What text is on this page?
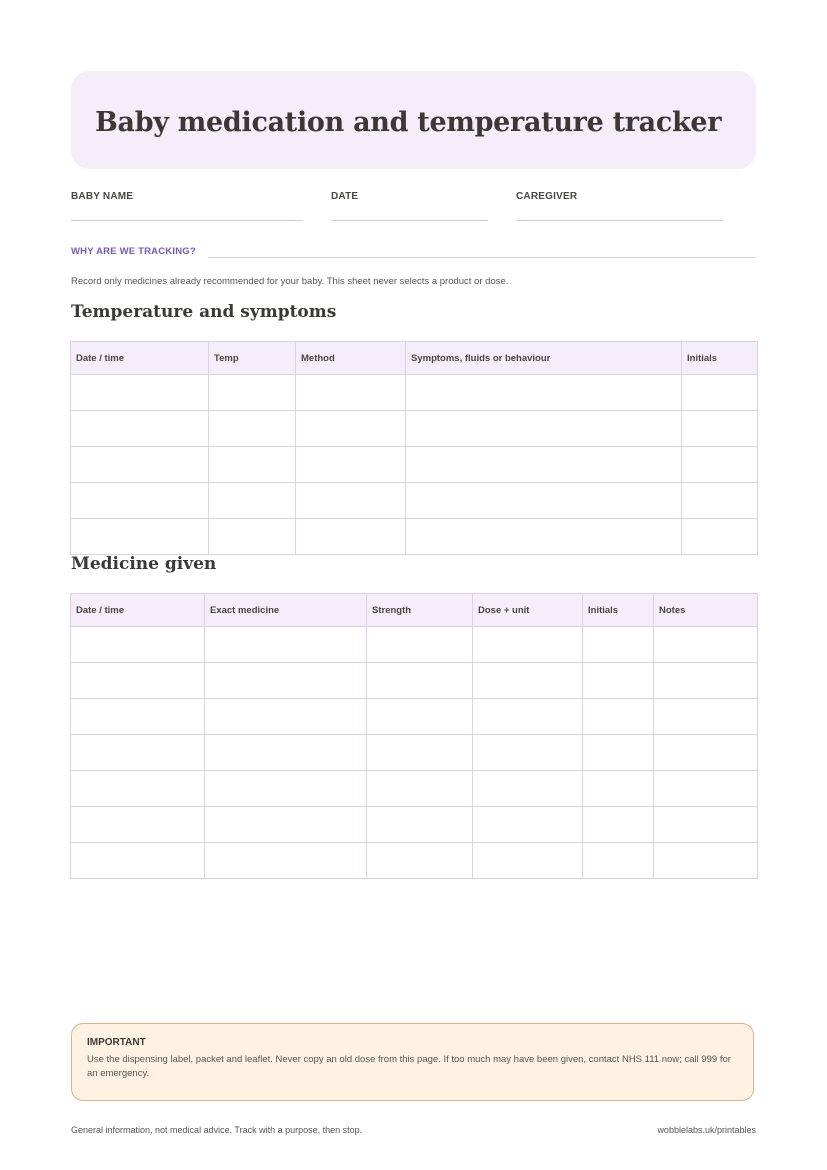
Baby medication and temperature tracker
BABY NAME	DATE	CAREGIVER
WHY ARE WE TRACKING?
Record only medicines already recommended for your baby. This sheet never selects a product or dose.
Temperature and symptoms
Date / time	Temp	Method	Symptoms, fluids or behaviour	Initials

Medicine given
Date / time	Exact medicine	Strength	Dose + unit	Initials	Notes

IMPORTANT
Use the dispensing label, packet and leaflet. Never copy an old dose from this page. If too much may have been given, contact NHS 111 now; call 999 for an emergency.
General information, not medical advice. Track with a purpose, then stop.	wobblelabs.uk/printables
